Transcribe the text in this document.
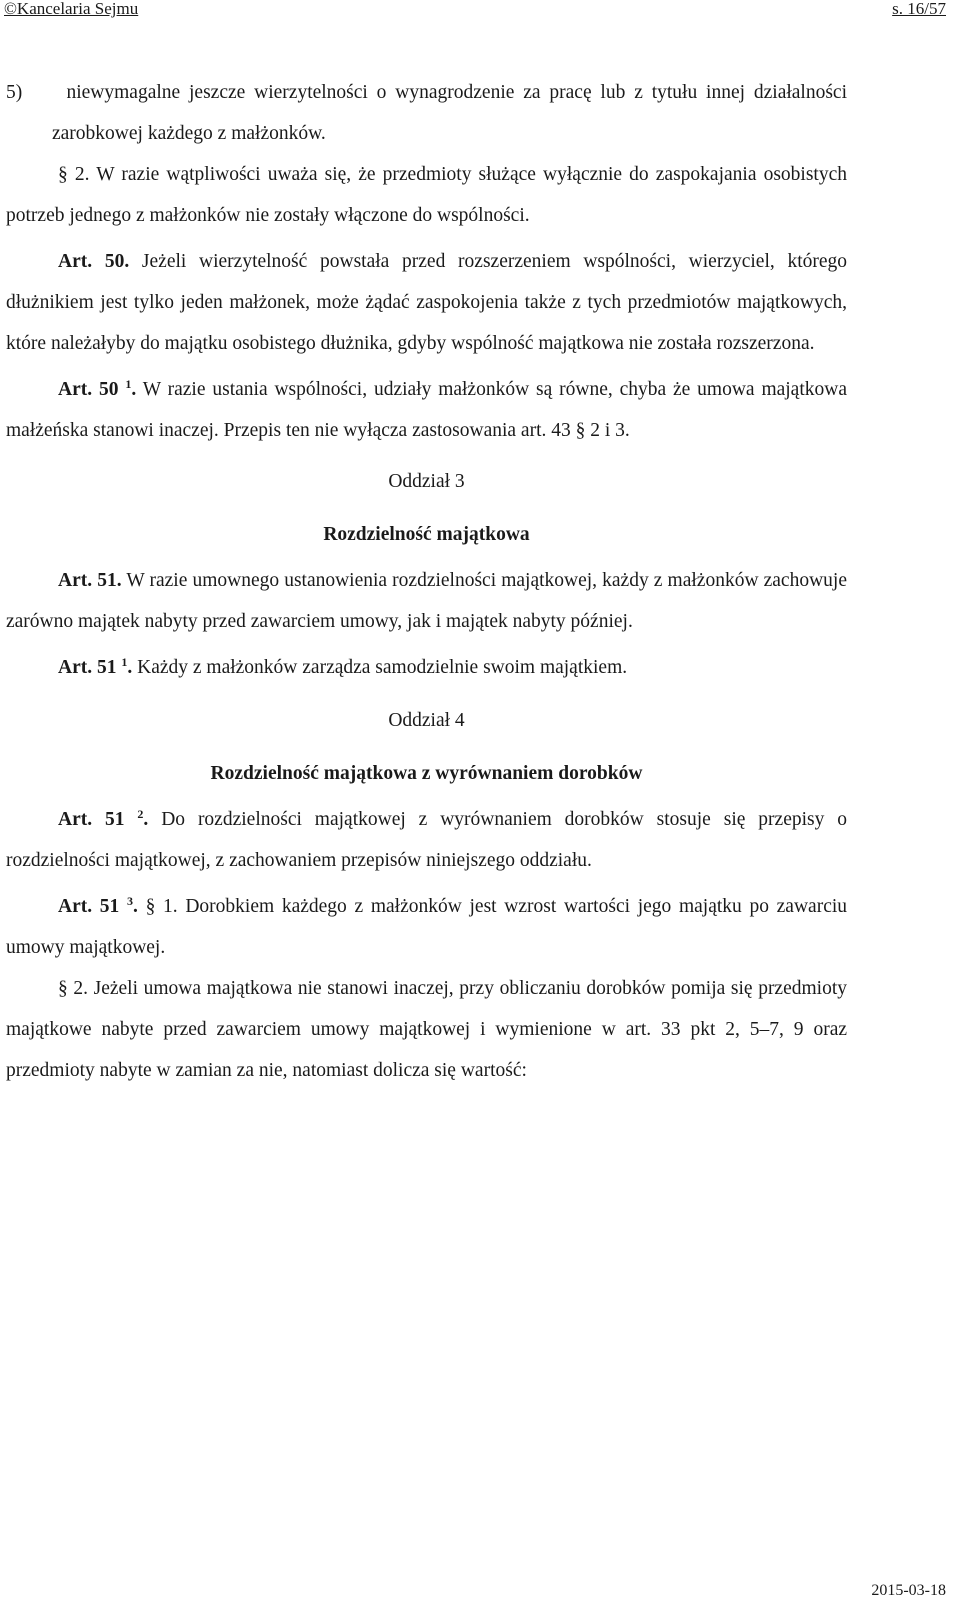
©Kancelaria Sejmu	s. 16/57

5) niewymagalne jeszcze wierzytelności o wynagrodzenie za pracę lub z tytułu innej działalności zarobkowej każdego z małżonków.

§ 2. W razie wątpliwości uważa się, że przedmioty służące wyłącznie do zaspokajania osobistych potrzeb jednego z małżonków nie zostały włączone do wspólności.

Art. 50. Jeżeli wierzytelność powstała przed rozszerzeniem wspólności, wierzyciel, którego dłużnikiem jest tylko jeden małżonek, może żądać zaspokojenia także z tych przedmiotów majątkowych, które należałyby do majątku osobistego dłużnika, gdyby wspólność majątkowa nie została rozszerzona.

Art. 50 $^1$. W razie ustania wspólności, udziały małżonków są równe, chyba że umowa majątkowa małżeńska stanowi inaczej. Przepis ten nie wyłącza zastosowania art. 43 § 2 i 3.

Oddział 3

Rozdzielność majątkowa

Art. 51. W razie umownego ustanowienia rozdzielności majątkowej, każdy z małżonków zachowuje zarówno majątek nabyty przed zawarciem umowy, jak i majątek nabyty później.

Art. 51 $^1$. Każdy z małżonków zarządza samodzielnie swoim majątkiem.

Oddział 4

Rozdzielność majątkowa z wyrównaniem dorobków

Art. 51 $^2$. Do rozdzielności majątkowej z wyrównaniem dorobków stosuje się przepisy o rozdzielności majątkowej, z zachowaniem przepisów niniejszego oddziału.

Art. 51 $^3$. § 1. Dorobkiem każdego z małżonków jest wzrost wartości jego majątku po zawarciu umowy majątkowej.

§ 2. Jeżeli umowa majątkowa nie stanowi inaczej, przy obliczaniu dorobków pomija się przedmioty majątkowe nabyte przed zawarciem umowy majątkowej i wymienione w art. 33 pkt 2, 5–7, 9 oraz przedmioty nabyte w zamian za nie, natomiast dolicza się wartość:

2015-03-18
